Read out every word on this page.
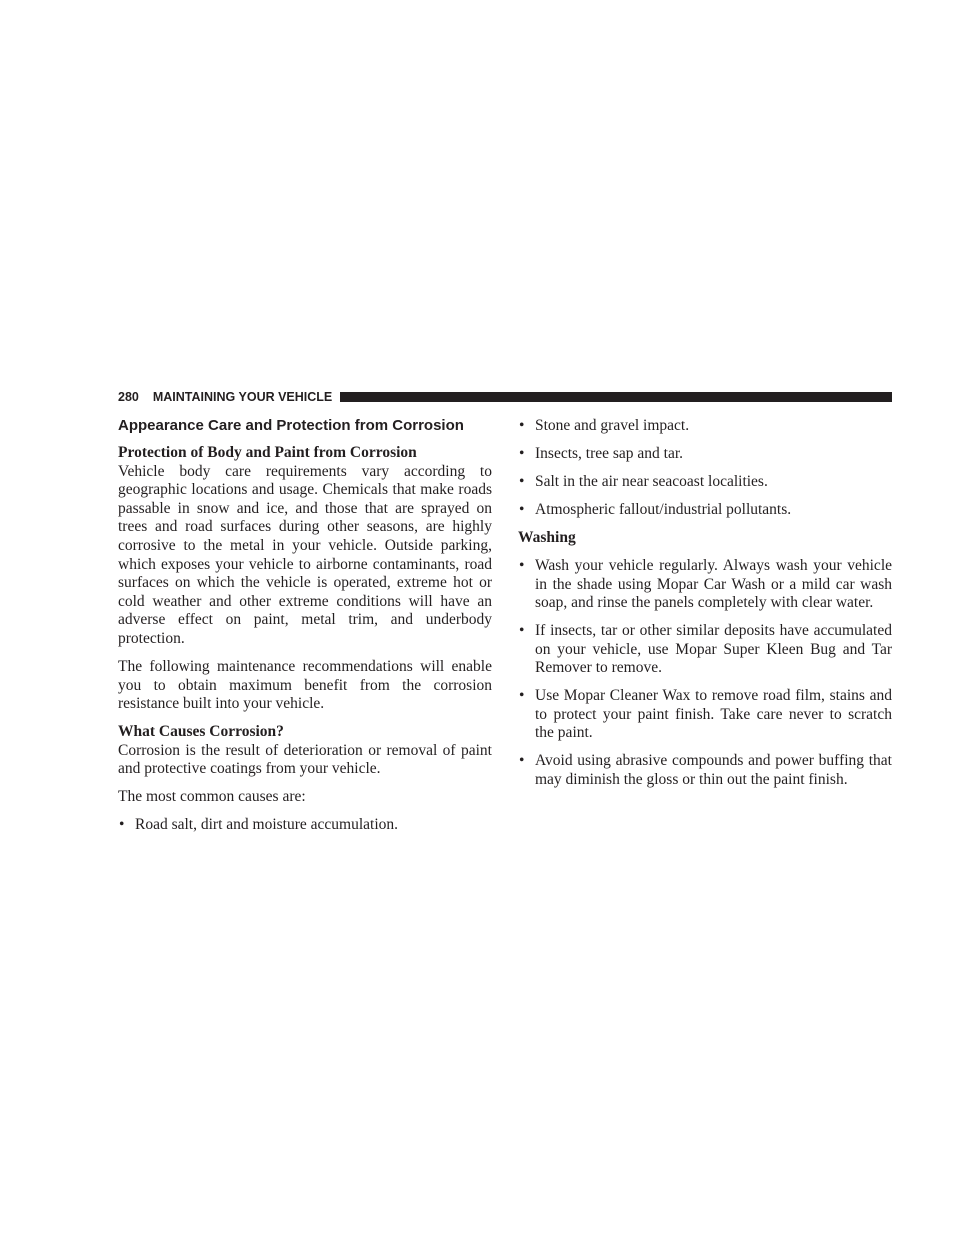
280 MAINTAINING YOUR VEHICLE
Appearance Care and Protection from Corrosion
Protection of Body and Paint from Corrosion

Vehicle body care requirements vary according to geographic locations and usage. Chemicals that make roads passable in snow and ice, and those that are sprayed on trees and road surfaces during other seasons, are highly corrosive to the metal in your vehicle. Outside parking, which exposes your vehicle to airborne contaminants, road surfaces on which the vehicle is operated, extreme hot or cold weather and other extreme conditions will have an adverse effect on paint, metal trim, and underbody protection.

The following maintenance recommendations will enable you to obtain maximum benefit from the corrosion resistance built into your vehicle.

What Causes Corrosion?

Corrosion is the result of deterioration or removal of paint and protective coatings from your vehicle.

The most common causes are:

• Road salt, dirt and moisture accumulation.
• Stone and gravel impact.
• Insects, tree sap and tar.
• Salt in the air near seacoast localities.
• Atmospheric fallout/industrial pollutants.
Washing
• Wash your vehicle regularly. Always wash your vehicle in the shade using Mopar Car Wash or a mild car wash soap, and rinse the panels completely with clear water.
• If insects, tar or other similar deposits have accumulated on your vehicle, use Mopar Super Kleen Bug and Tar Remover to remove.
• Use Mopar Cleaner Wax to remove road film, stains and to protect your paint finish. Take care never to scratch the paint.
• Avoid using abrasive compounds and power buffing that may diminish the gloss or thin out the paint finish.
